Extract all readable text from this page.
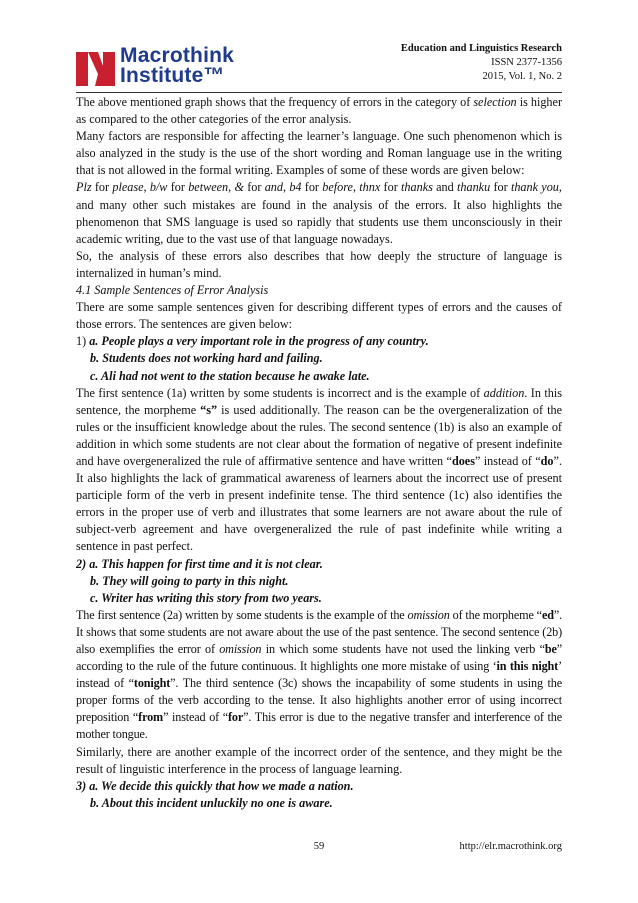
Macrothink
Institute™
Education and Linguistics Research
ISSN 2377-1356
2015, Vol. 1, No. 2

The above mentioned graph shows that the frequency of errors in the category of selection is higher as compared to the other categories of the error analysis.

Many factors are responsible for affecting the learner’s language. One such phenomenon which is also analyzed in the study is the use of the short wording and Roman language use in the writing that is not allowed in the formal writing. Examples of some of these words are given below:

Plz for please, b/w for between, & for and, b4 for before, thnx for thanks and thanku for thank you, and many other such mistakes are found in the analysis of the errors. It also highlights the phenomenon that SMS language is used so rapidly that students use them unconsciously in their academic writing, due to the vast use of that language nowadays.

So, the analysis of these errors also describes that how deeply the structure of language is internalized in human’s mind.

4.1 Sample Sentences of Error Analysis

There are some sample sentences given for describing different types of errors and the causes of those errors. The sentences are given below:

1) a. People plays a very important role in the progress of any country.

b. Students does not working hard and failing.

c. Ali had not went to the station because he awake late.

The first sentence (1a) written by some students is incorrect and is the example of addition. In this sentence, the morpheme “s” is used additionally. The reason can be the overgeneralization of the rules or the insufficient knowledge about the rules. The second sentence (1b) is also an example of addition in which some students are not clear about the formation of negative of present indefinite and have overgeneralized the rule of affirmative sentence and have written “does” instead of “do”. It also highlights the lack of grammatical awareness of learners about the incorrect use of present participle form of the verb in present indefinite tense. The third sentence (1c) also identifies the errors in the proper use of verb and illustrates that some learners are not aware about the rule of subject-verb agreement and have overgeneralized the rule of past indefinite while writing a sentence in past perfect.

2) a. This happen for first time and it is not clear.

b. They will going to party in this night.

c. Writer has writing this story from two years.

The first sentence (2a) written by some students is the example of the omission of the morpheme “ed”. It shows that some students are not aware about the use of the past sentence. The second sentence (2b) also exemplifies the error of omission in which some students have not used the linking verb “be” according to the rule of the future continuous. It highlights one more mistake of using ‘in this night’ instead of “tonight”. The third sentence (3c) shows the incapability of some students in using the proper forms of the verb according to the tense. It also highlights another error of using incorrect preposition “from” instead of “for”. This error is due to the negative transfer and interference of the mother tongue.

Similarly, there are another example of the incorrect order of the sentence, and they might be the result of linguistic interference in the process of language learning.

3) a. We decide this quickly that how we made a nation.

b. About this incident unluckily no one is aware.

59	http://elr.macrothink.org
